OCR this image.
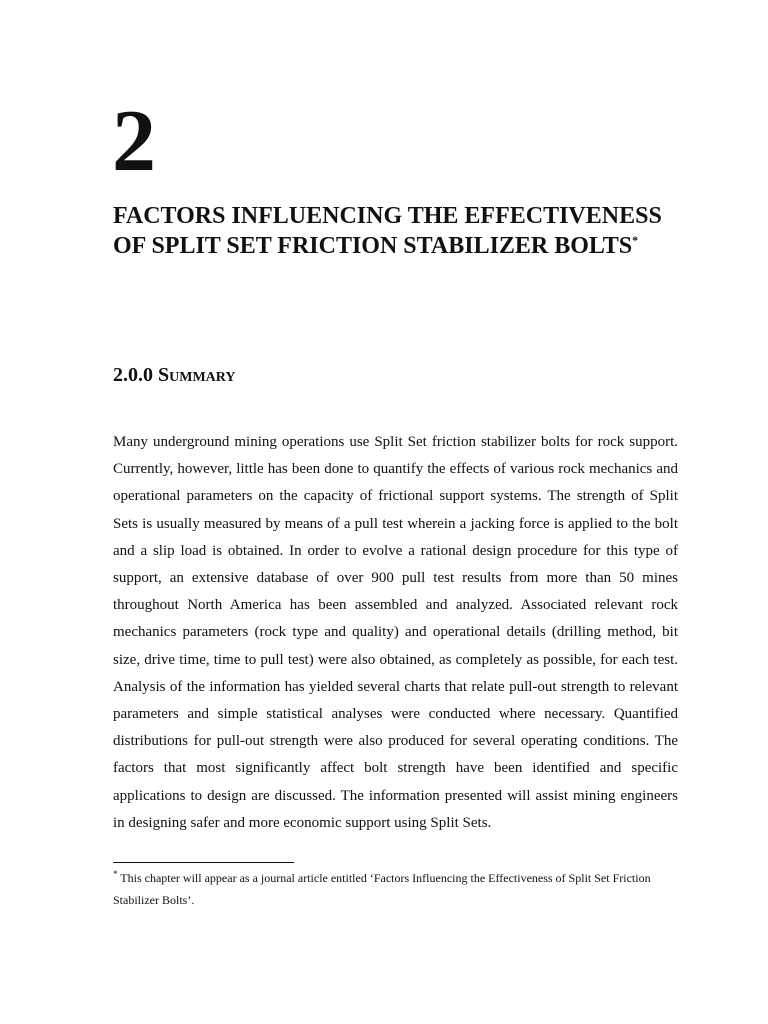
2
FACTORS INFLUENCING THE EFFECTIVENESS OF SPLIT SET FRICTION STABILIZER BOLTS*
2.0.0 Summary

Many underground mining operations use Split Set friction stabilizer bolts for rock support. Currently, however, little has been done to quantify the effects of various rock mechanics and operational parameters on the capacity of frictional support systems. The strength of Split Sets is usually measured by means of a pull test wherein a jacking force is applied to the bolt and a slip load is obtained. In order to evolve a rational design procedure for this type of support, an extensive database of over 900 pull test results from more than 50 mines throughout North America has been assembled and analyzed. Associated relevant rock mechanics parameters (rock type and quality) and operational details (drilling method, bit size, drive time, time to pull test) were also obtained, as completely as possible, for each test. Analysis of the information has yielded several charts that relate pull-out strength to relevant parameters and simple statistical analyses were conducted where necessary. Quantified distributions for pull-out strength were also produced for several operating conditions. The factors that most significantly affect bolt strength have been identified and specific applications to design are discussed. The information presented will assist mining engineers in designing safer and more economic support using Split Sets.

* This chapter will appear as a journal article entitled ‘Factors Influencing the Effectiveness of Split Set Friction Stabilizer Bolts’.
